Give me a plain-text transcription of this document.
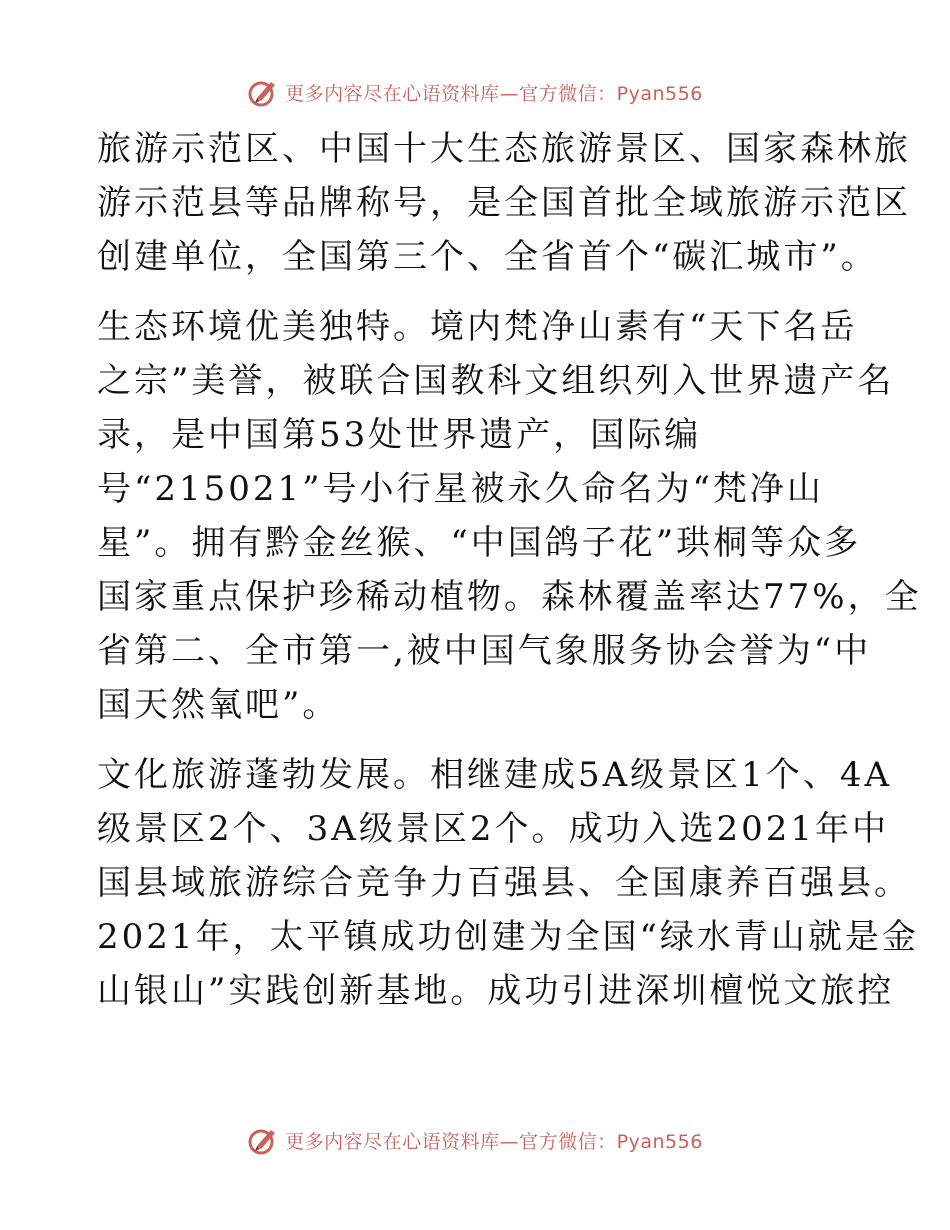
更多内容尽在心语资料库—官方微信：Pyan556

旅游示范区、中国十大生态旅游景区、国家森林旅
游示范县等品牌称号，是全国首批全域旅游示范区
创建单位，全国第三个、全省首个“碳汇城市”。

生态环境优美独特。境内梵净山素有“天下名岳
之宗”美誉，被联合国教科文组织列入世界遗产名
录，是中国第53处世界遗产，国际编
号“215021”号小行星被永久命名为“梵净山
星”。拥有黔金丝猴、“中国鸽子花”珙桐等众多
国家重点保护珍稀动植物。森林覆盖率达77%，全
省第二、全市第一,被中国气象服务协会誉为“中
国天然氧吧”。

文化旅游蓬勃发展。相继建成5A级景区1个、4A
级景区2个、3A级景区2个。成功入选2021年中
国县域旅游综合竞争力百强县、全国康养百强县。
2021年，太平镇成功创建为全国“绿水青山就是金
山银山”实践创新基地。成功引进深圳檀悦文旅控

更多内容尽在心语资料库—官方微信：Pyan556
